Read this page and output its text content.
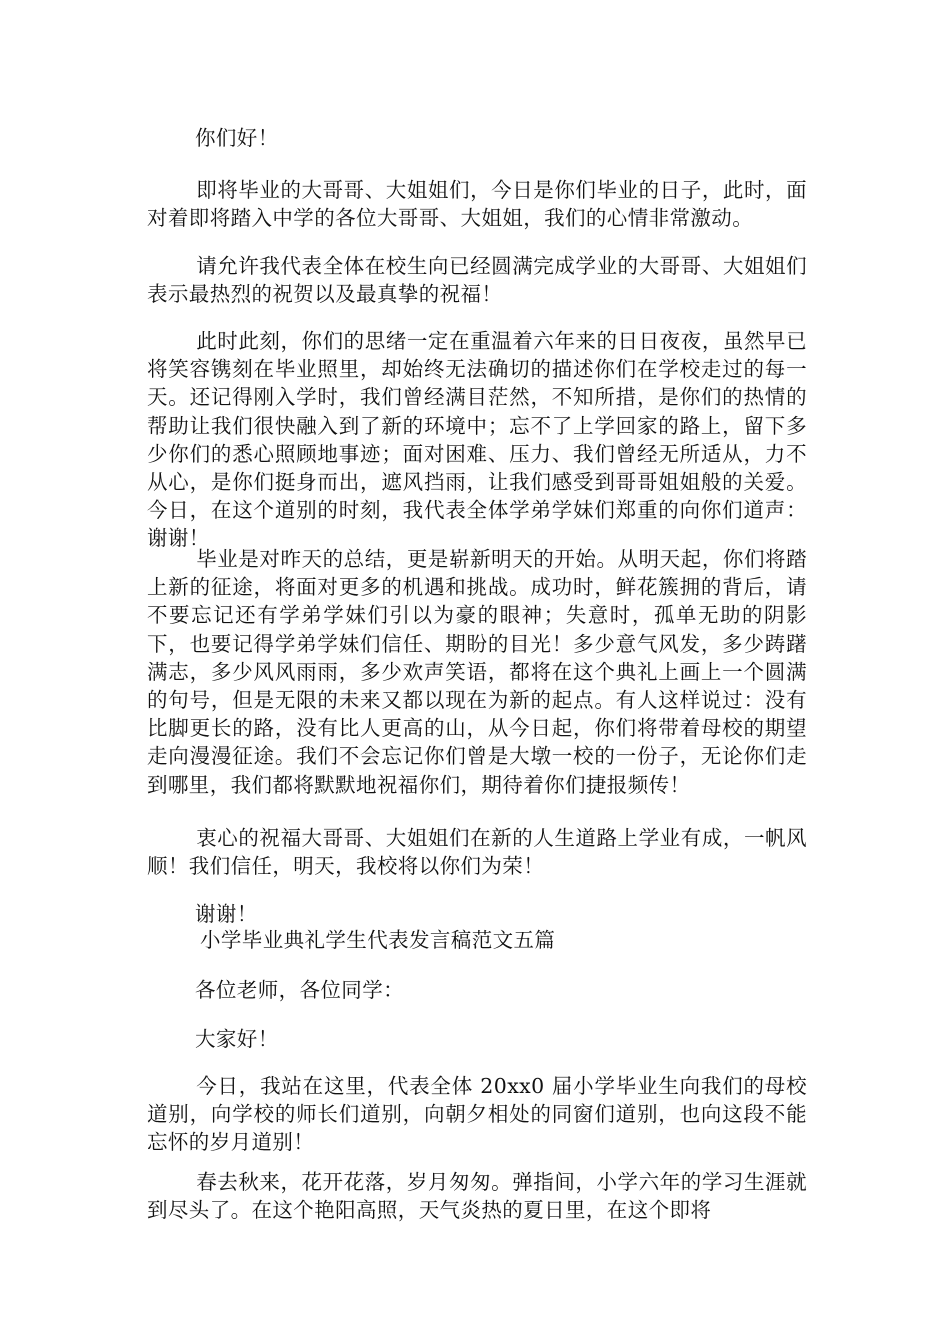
你们好！

即将毕业的大哥哥、大姐姐们，今日是你们毕业的日子，此时，面对着即将踏入中学的各位大哥哥、大姐姐，我们的心情非常激动。

请允许我代表全体在校生向已经圆满完成学业的大哥哥、大姐姐们表示最热烈的祝贺以及最真挚的祝福！

此时此刻，你们的思绪一定在重温着六年来的日日夜夜，虽然早已将笑容镌刻在毕业照里，却始终无法确切的描述你们在学校走过的每一天。还记得刚入学时，我们曾经满目茫然，不知所措，是你们的热情的帮助让我们很快融入到了新的环境中；忘不了上学回家的路上，留下多少你们的悉心照顾地事迹；面对困难、压力、我们曾经无所适从，力不从心，是你们挺身而出，遮风挡雨，让我们感受到哥哥姐姐般的关爱。今日，在这个道别的时刻，我代表全体学弟学妹们郑重的向你们道声：谢谢！

毕业是对昨天的总结，更是崭新明天的开始。从明天起，你们将踏上新的征途，将面对更多的机遇和挑战。成功时，鲜花簇拥的背后，请不要忘记还有学弟学妹们引以为豪的眼神；失意时，孤单无助的阴影下，也要记得学弟学妹们信任、期盼的目光！多少意气风发，多少踌躇满志，多少风风雨雨，多少欢声笑语，都将在这个典礼上画上一个圆满的句号，但是无限的未来又都以现在为新的起点。有人这样说过：没有比脚更长的路，没有比人更高的山，从今日起，你们将带着母校的期望走向漫漫征途。我们不会忘记你们曾是大墩一校的一份子，无论你们走到哪里，我们都将默默地祝福你们，期待着你们捷报频传！

衷心的祝福大哥哥、大姐姐们在新的人生道路上学业有成，一帆风顺！我们信任，明天，我校将以你们为荣！

谢谢！

小学毕业典礼学生代表发言稿范文五篇

各位老师，各位同学：

大家好！

今日，我站在这里，代表全体 20xx0 届小学毕业生向我们的母校道别，向学校的师长们道别，向朝夕相处的同窗们道别，也向这段不能忘怀的岁月道别！

春去秋来，花开花落，岁月匆匆。弹指间，小学六年的学习生涯就到尽头了。在这个艳阳高照，天气炎热的夏日里，在这个即将
